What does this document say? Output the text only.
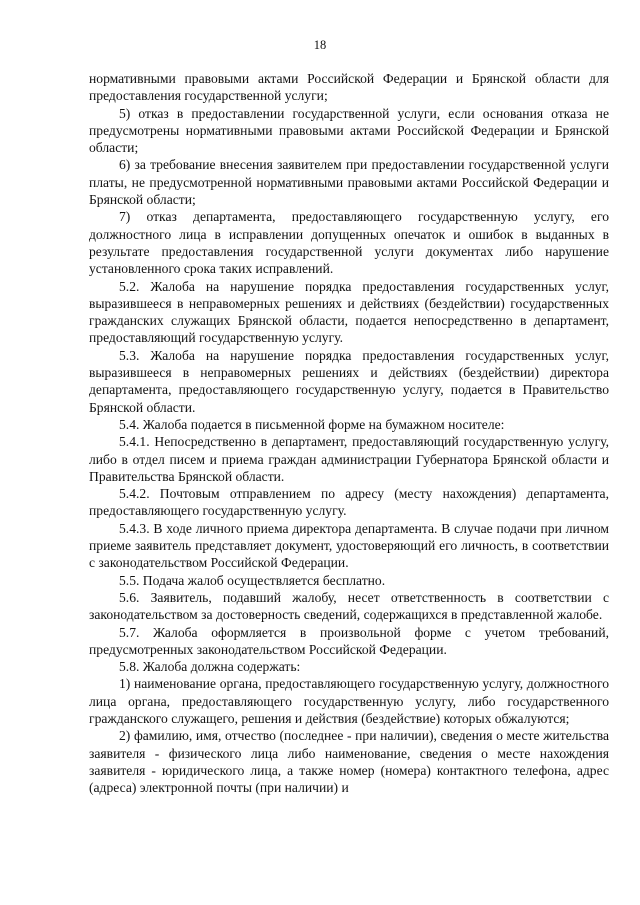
18

нормативными правовыми актами Российской Федерации и Брянской области для предоставления государственной услуги;

5) отказ в предоставлении государственной услуги, если основания отказа не предусмотрены нормативными правовыми актами Российской Федерации и Брянской области;

6) за требование внесения заявителем при предоставлении государственной услуги платы, не предусмотренной нормативными правовыми актами Российской Федерации и Брянской области;

7) отказ департамента, предоставляющего государственную услугу, его должностного лица в исправлении допущенных опечаток и ошибок в выданных в результате предоставления государственной услуги документах либо нарушение установленного срока таких исправлений.

5.2. Жалоба на нарушение порядка предоставления государственных услуг, выразившееся в неправомерных решениях и действиях (бездействии) государственных гражданских служащих Брянской области, подается непосредственно в департамент, предоставляющий государственную услугу.

5.3. Жалоба на нарушение порядка предоставления государственных услуг, выразившееся в неправомерных решениях и действиях (бездействии) директора департамента, предоставляющего государственную услугу, подается в Правительство Брянской области.

5.4. Жалоба подается в письменной форме на бумажном носителе:

5.4.1. Непосредственно в департамент, предоставляющий государственную услугу, либо в отдел писем и приема граждан администрации Губернатора Брянской области и Правительства Брянской области.

5.4.2. Почтовым отправлением по адресу (месту нахождения) департамента, предоставляющего государственную услугу.

5.4.3. В ходе личного приема директора департамента. В случае подачи при личном приеме заявитель представляет документ, удостоверяющий его личность, в соответствии с законодательством Российской Федерации.

5.5. Подача жалоб осуществляется бесплатно.

5.6. Заявитель, подавший жалобу, несет ответственность в соответствии с законодательством за достоверность сведений, содержащихся в представленной жалобе.

5.7. Жалоба оформляется в произвольной форме с учетом требований, предусмотренных законодательством Российской Федерации.

5.8. Жалоба должна содержать:

1) наименование органа, предоставляющего государственную услугу, должностного лица органа, предоставляющего государственную услугу, либо государственного гражданского служащего, решения и действия (бездействие) которых обжалуются;

2) фамилию, имя, отчество (последнее - при наличии), сведения о месте жительства заявителя - физического лица либо наименование, сведения о месте нахождения заявителя - юридического лица, а также номер (номера) контактного телефона, адрес (адреса) электронной почты (при наличии) и
